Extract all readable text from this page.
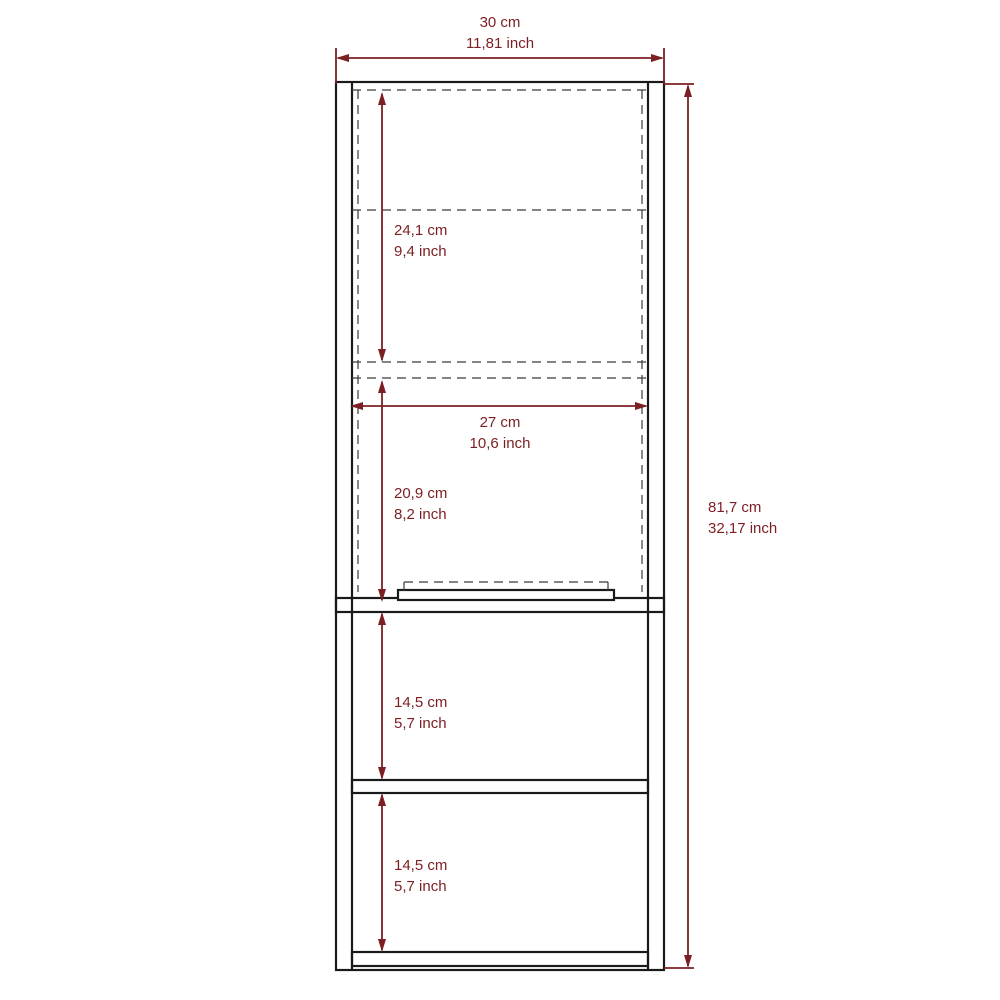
30 cm
11,81 inch
81,7 cm
32,17 inch
27 cm
10,6 inch
24,1 cm
9,4 inch
20,9 cm
8,2 inch
14,5 cm
5,7 inch
14,5 cm
5,7 inch
